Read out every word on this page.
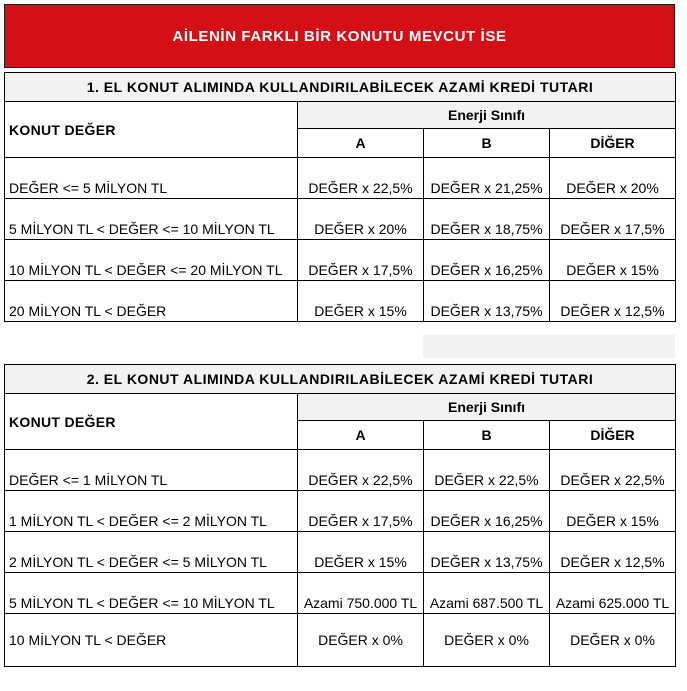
AİLENİN FARKLI BİR KONUTU MEVCUT İSE
1. EL KONUT ALIMINDA KULLANDIRILABİLECEK AZAMİ KREDİ TUTARI			
KONUT DEĞER	Enerji Sınıfı		
	A	B	DİĞER
DEĞER <= 5 MİLYON TL	DEĞER x 22,5%	DEĞER x 21,25%	DEĞER x 20%
5 MİLYON TL < DEĞER <= 10 MİLYON TL	DEĞER x 20%	DEĞER x 18,75%	DEĞER x 17,5%
10 MİLYON TL < DEĞER <= 20 MİLYON TL	DEĞER x 17,5%	DEĞER x 16,25%	DEĞER x 15%
20 MİLYON TL < DEĞER	DEĞER x 15%	DEĞER x 13,75%	DEĞER x 12,5%
2. EL KONUT ALIMINDA KULLANDIRILABİLECEK AZAMİ KREDİ TUTARI			
KONUT DEĞER	Enerji Sınıfı		
	A	B	DİĞER
DEĞER <= 1 MİLYON TL	DEĞER x 22,5%	DEĞER x 22,5%	DEĞER x 22,5%
1 MİLYON TL < DEĞER <= 2 MİLYON TL	DEĞER x 17,5%	DEĞER x 16,25%	DEĞER x 15%
2 MİLYON TL < DEĞER <= 5 MİLYON TL	DEĞER x 15%	DEĞER x 13,75%	DEĞER x 12,5%
5 MİLYON TL < DEĞER <= 10 MİLYON TL	Azami 750.000 TL	Azami 687.500 TL	Azami 625.000 TL
10 MİLYON TL < DEĞER	DEĞER x 0%	DEĞER x 0%	DEĞER x 0%
